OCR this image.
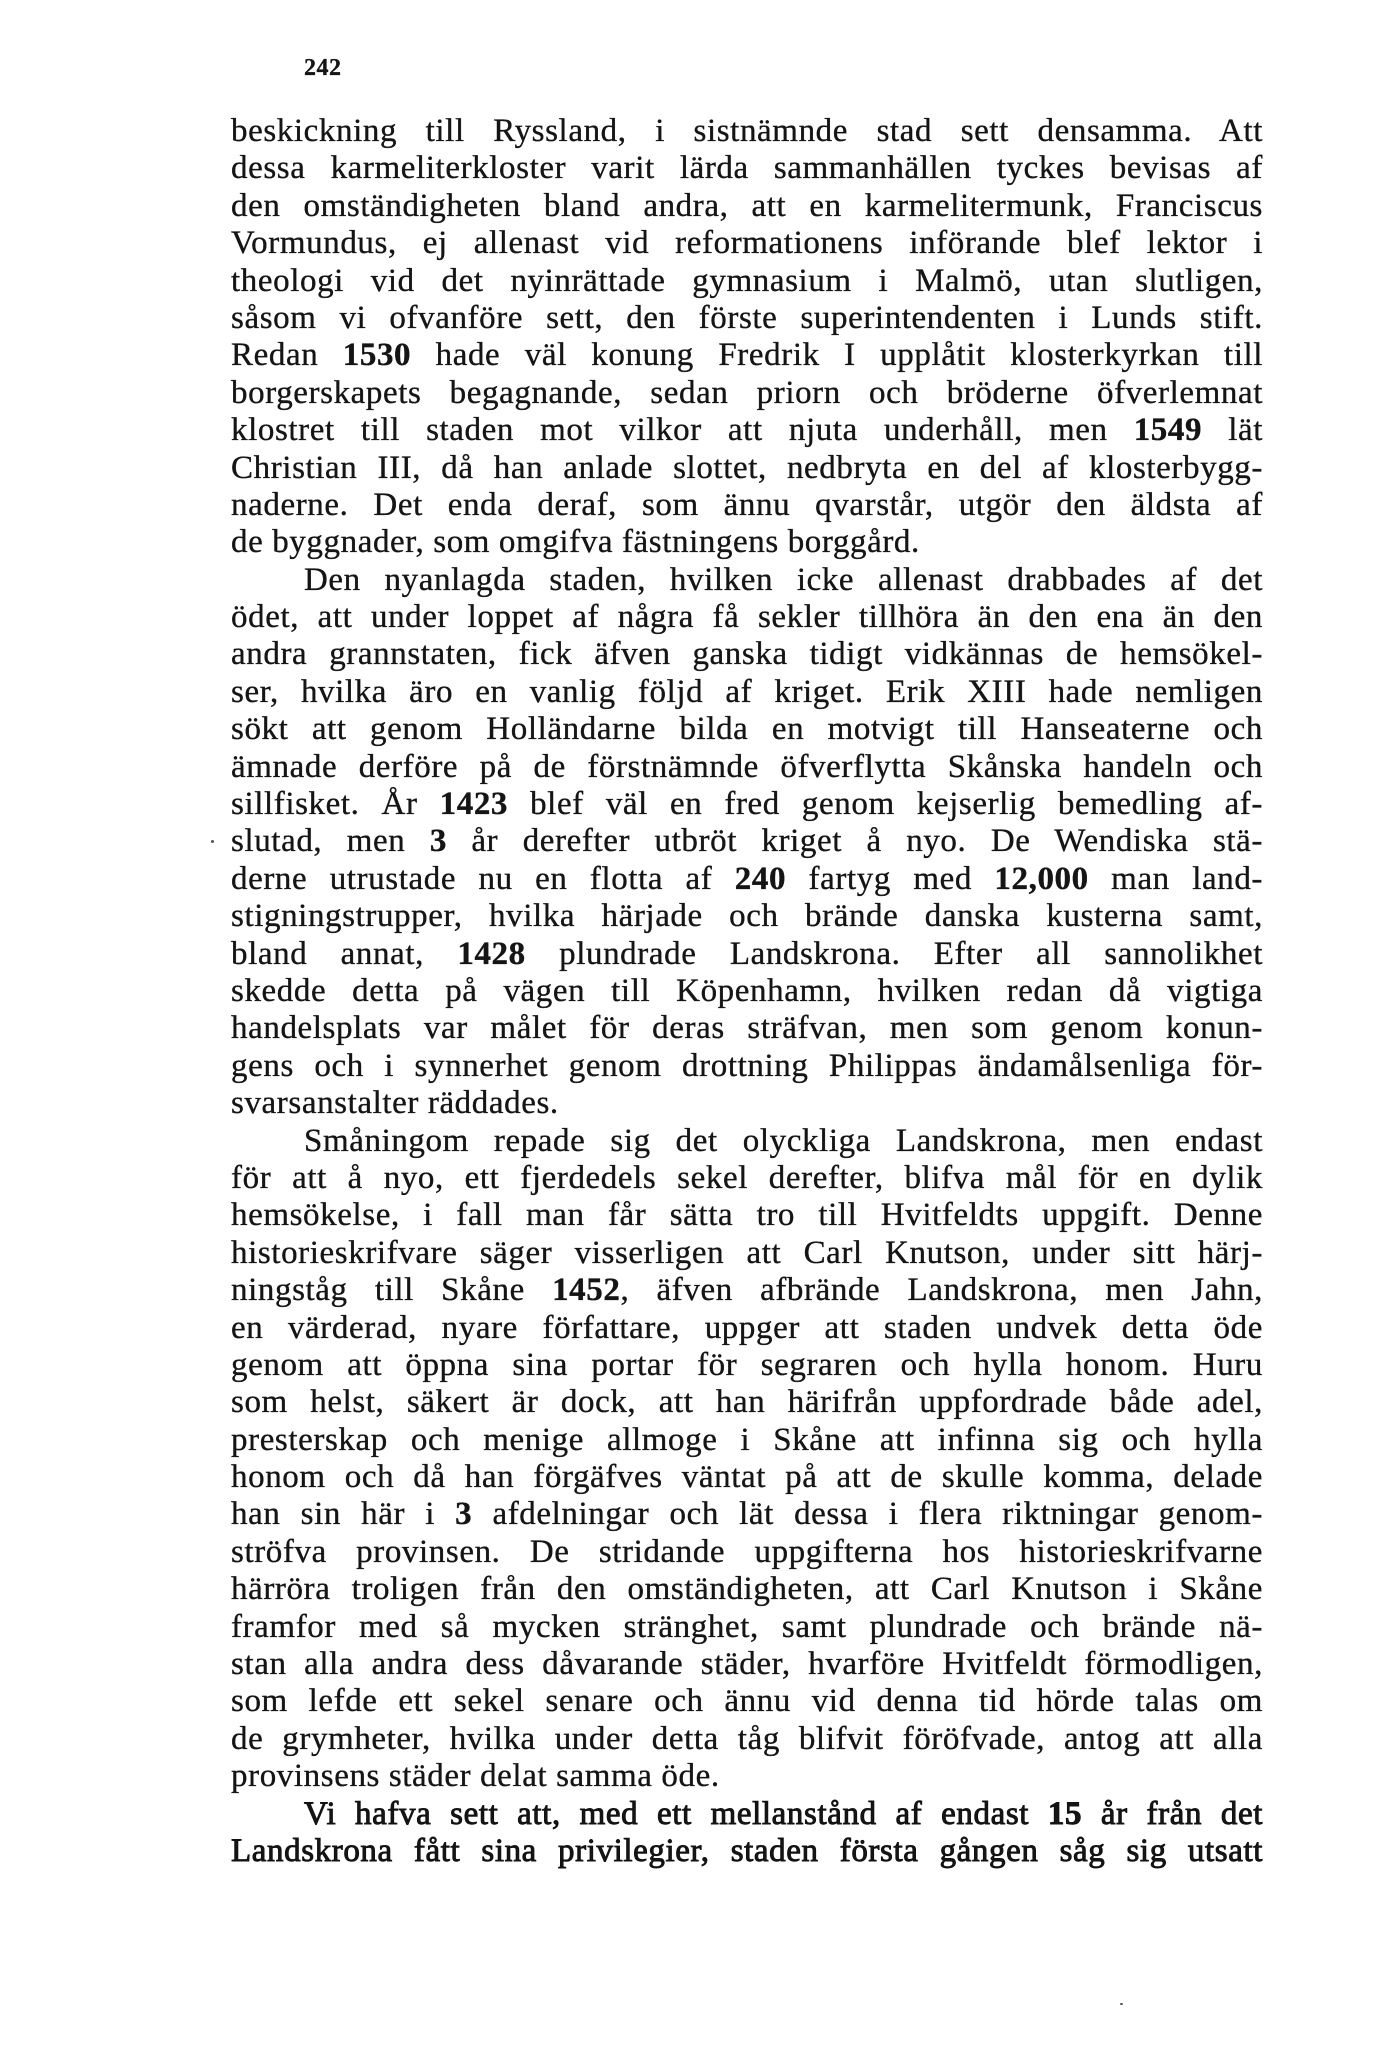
242
beskickning till Ryssland, i sistnämnde stad sett densamma. Att
dessa karmeliterkloster varit lärda sammanhällen tyckes bevisas af
den omständigheten bland andra, att en karmelitermunk, Franciscus
Vormundus, ej allenast vid reformationens införande blef lektor i
theologi vid det nyinrättade gymnasium i Malmö, utan slutligen,
såsom vi ofvanföre sett, den förste superintendenten i Lunds stift.
Redan 1530 hade väl konung Fredrik I upplåtit klosterkyrkan till
borgerskapets begagnande, sedan priorn och bröderne öfverlemnat
klostret till staden mot vilkor att njuta underhåll, men 1549 lät
Christian III, då han anlade slottet, nedbryta en del af klosterbygg-
naderne. Det enda deraf, som ännu qvarstår, utgör den äldsta af
de byggnader, som omgifva fästningens borggård.
Den nyanlagda staden, hvilken icke allenast drabbades af det
ödet, att under loppet af några få sekler tillhöra än den ena än den
andra grannstaten, fick äfven ganska tidigt vidkännas de hemsökel-
ser, hvilka äro en vanlig följd af kriget. Erik XIII hade nemligen
sökt att genom Holländarne bilda en motvigt till Hanseaterne och
ämnade derföre på de förstnämnde öfverflytta Skånska handeln och
sillfisket. År 1423 blef väl en fred genom kejserlig bemedling af-
slutad, men 3 år derefter utbröt kriget å nyo. De Wendiska stä-
derne utrustade nu en flotta af 240 fartyg med 12,000 man land-
stigningstrupper, hvilka härjade och brände danska kusterna samt,
bland annat, 1428 plundrade Landskrona. Efter all sannolikhet
skedde detta på vägen till Köpenhamn, hvilken redan då vigtiga
handelsplats var målet för deras sträfvan, men som genom konun-
gens och i synnerhet genom drottning Philippas ändamålsenliga för-
svarsanstalter räddades.
Småningom repade sig det olyckliga Landskrona, men endast
för att å nyo, ett fjerdedels sekel derefter, blifva mål för en dylik
hemsökelse, i fall man får sätta tro till Hvitfeldts uppgift. Denne
historieskrifvare säger visserligen att Carl Knutson, under sitt härj-
ningståg till Skåne 1452, äfven afbrände Landskrona, men Jahn,
en värderad, nyare författare, uppger att staden undvek detta öde
genom att öppna sina portar för segraren och hylla honom. Huru
som helst, säkert är dock, att han härifrån uppfordrade både adel,
presterskap och menige allmoge i Skåne att infinna sig och hylla
honom och då han förgäfves väntat på att de skulle komma, delade
han sin här i 3 afdelningar och lät dessa i flera riktningar genom-
ströfva provinsen. De stridande uppgifterna hos historieskrifvarne
härröra troligen från den omständigheten, att Carl Knutson i Skåne
framfor med så mycken stränghet, samt plundrade och brände nä-
stan alla andra dess dåvarande städer, hvarföre Hvitfeldt förmodligen,
som lefde ett sekel senare och ännu vid denna tid hörde talas om
de grymheter, hvilka under detta tåg blifvit föröfvade, antog att alla
provinsens städer delat samma öde.
Vi hafva sett att, med ett mellanstånd af endast 15 år från det
Landskrona fått sina privilegier, staden första gången såg sig utsatt
